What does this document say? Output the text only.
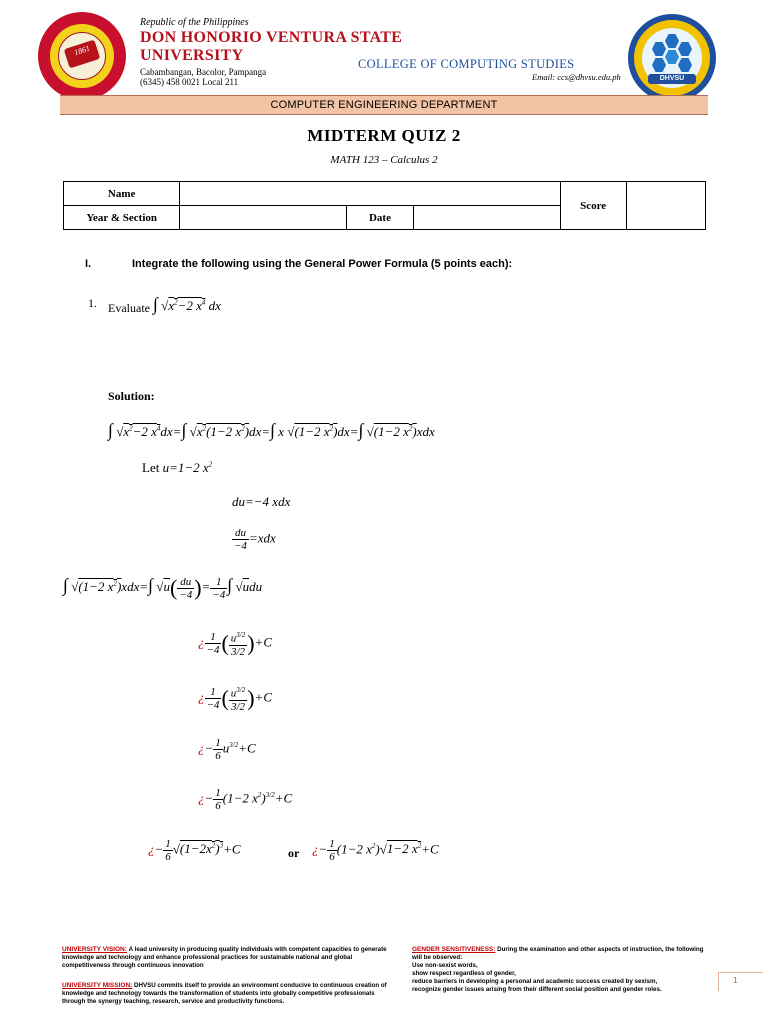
1861
DHVSU
Republic of the Philippines
DON HONORIO VENTURA STATE
UNIVERSITY
Cabambangan, Bacolor, Pampanga
(6345) 458 0021 Local 211
COLLEGE OF COMPUTING STUDIES
Email: ccs@dhvsu.edu.ph
COMPUTER ENGINEERING DEPARTMENT
MIDTERM QUIZ 2
MATH 123 – Calculus 2
Name				Score	
Year & Section		Date			
I.	Integrate the following using the General Power Formula (5 points each):
1. Evaluate ∫ $√x^2-2$ $x^4$ dx
Solution:
∫ $√x^2-2$ $x^4dx=\int$ $√x^2(1-2$ $x^2)dx=\int$ x √(1−2 $x^2)dx=\int$ √(1−2 $x^2)xdx$
Let u=1−2 $x^2$
du=−4 xdx
$\frac{du}{-4} =xdx$
∫ √(1−2 $x^2)xdx=\int$ $√u( \frac{du}{-4}$ )= $\frac{1}{-4}$ ∫ √udu
¿ $\frac{1}{-4}$ ( $\frac{u^{3/2}}{3/2} )+C$
¿ $\frac{1}{-4}$ ( $\frac{u^{3/2}}{3/2} )+C$
¿− $\frac{1}{6} u^{3/2}+C$
¿− $\frac{1}{6} (1-2$ $x^2)^{3/2}+C$
¿− $\frac{1}{6} √(1-2x^2)^3+C$	or ¿− $\frac{1}{6} (1-2$ $x^2)√1-2$ $x^2+C$
UNIVERSITY VISION: A lead university in producing quality individuals with competent capacities to generate knowledge and technology and enhance professional practices for sustainable national and global competitiveness through continuous innovation
UNIVERSITY MISSION: DHVSU commits itself to provide an environment conducive to continuous creation of knowledge and technology towards the transformation of students into globally competitive professionals through the synergy teaching, research, service and productivity functions.
GENDER SENSITIVENESS: During the examination and other aspects of instruction, the following will be observed:
Use non-sexist words,
show respect regardless of gender,
reduce barriers in developing a personal and academic success created by sexism,
recognize gender issues arising from their different social position and gender roles.
1
